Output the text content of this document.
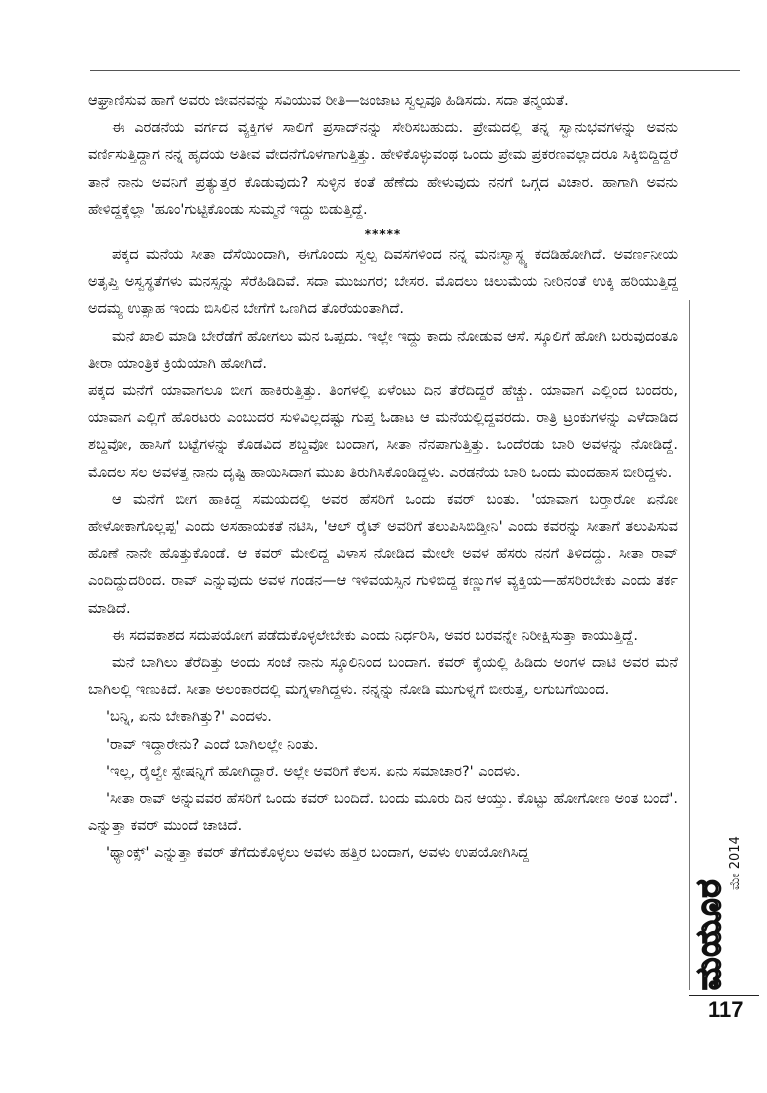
ಆಘ್ರಾಣಿಸುವ ಹಾಗೆ ಅವರು ಜೀವನವನ್ನು ಸವಿಯುವ ರೀತಿ—ಜಂಜಾಟ ಸ್ವಲ್ಪವೂ ಹಿಡಿಸದು. ಸದಾ ತನ್ಮಯತೆ.

ಈ ಎರಡನೆಯ ವರ್ಗದ ವ್ಯಕ್ತಿಗಳ ಸಾಲಿಗೆ ಪ್ರಸಾದ್‌ನನ್ನು ಸೇರಿಸಬಹುದು. ಪ್ರೇಮದಲ್ಲಿ ತನ್ನ ಸ್ವಾನುಭವಗಳನ್ನು ಅವನು ವರ್ಣಿಸುತ್ತಿದ್ದಾಗ ನನ್ನ ಹೃದಯ ಅತೀವ ವೇದನೆಗೊಳಗಾಗುತ್ತಿತ್ತು. ಹೇಳಿಕೊಳ್ಳುವಂಥ ಒಂದು ಪ್ರೇಮ ಪ್ರಕರಣವಲ್ಲಾದರೂ ಸಿಕ್ಕಿಬಿದ್ದಿದ್ದರೆ ತಾನೆ ನಾನು ಅವನಿಗೆ ಪ್ರತ್ಯುತ್ತರ ಕೊಡುವುದು? ಸುಳ್ಳಿನ ಕಂತೆ ಹೆಣೆದು ಹೇಳುವುದು ನನಗೆ ಒಗ್ಗದ ವಿಚಾರ. ಹಾಗಾಗಿ ಅವನು ಹೇಳಿದ್ದಕ್ಕೆಲ್ಲಾ 'ಹೂಂ'ಗುಟ್ಟಿಕೊಂಡು ಸುಮ್ಮನೆ ಇದ್ದು ಬಿಡುತ್ತಿದ್ದೆ.

*****

ಪಕ್ಕದ ಮನೆಯ ಸೀತಾ ದೆಸೆಯಿಂದಾಗಿ, ಈಗೊಂದು ಸ್ವಲ್ಪ ದಿವಸಗಳಿಂದ ನನ್ನ ಮನಃಸ್ವಾಸ್ಥ್ಯ ಕದಡಿಹೋಗಿದೆ. ಅವರ್ಣನೀಯ ಅತೃಪ್ತಿ ಅಸ್ವಸ್ಥತೆಗಳು ಮನಸ್ಸನ್ನು ಸೆರೆಹಿಡಿದಿವೆ. ಸದಾ ಮುಜುಗರ; ಬೇಸರ. ಮೊದಲು ಚಿಲುಮೆಯ ನೀರಿನಂತೆ ಉಕ್ಕಿ ಹರಿಯುತ್ತಿದ್ದ ಅದಮ್ಯ ಉತ್ಸಾಹ ಇಂದು ಬಿಸಿಲಿನ ಬೇಗೆಗೆ ಒಣಗಿದ ತೊರೆಯಂತಾಗಿದೆ.

ಮನೆ ಖಾಲಿ ಮಾಡಿ ಬೇರೆಡೆಗೆ ಹೋಗಲು ಮನ ಒಪ್ಪದು. ಇಲ್ಲೇ ಇದ್ದು ಕಾದು ನೋಡುವ ಆಸೆ. ಸ್ಕೂಲಿಗೆ ಹೋಗಿ ಬರುವುದಂತೂ ತೀರಾ ಯಾಂತ್ರಿಕ ಕ್ರಿಯೆಯಾಗಿ ಹೋಗಿದೆ.

ಪಕ್ಕದ ಮನೆಗೆ ಯಾವಾಗಲೂ ಬೀಗ ಹಾಕಿರುತ್ತಿತ್ತು. ತಿಂಗಳಲ್ಲಿ ಏಳೆಂಟು ದಿನ ತೆರೆದಿದ್ದರೆ ಹೆಚ್ಚು. ಯಾವಾಗ ಎಲ್ಲಿಂದ ಬಂದರು, ಯಾವಾಗ ಎಲ್ಲಿಗೆ ಹೊರಟರು ಎಂಬುದರ ಸುಳಿವಿಲ್ಲದಷ್ಟು ಗುಪ್ತ ಓಡಾಟ ಆ ಮನೆಯಲ್ಲಿದ್ದವರದು. ರಾತ್ರಿ ಟ್ರಂಕುಗಳನ್ನು ಎಳೆದಾಡಿದ ಶಬ್ದವೋ, ಹಾಸಿಗೆ ಬಟ್ಟೆಗಳನ್ನು ಕೊಡವಿದ ಶಬ್ದವೋ ಬಂದಾಗ, ಸೀತಾ ನೆನಪಾಗುತ್ತಿತ್ತು. ಒಂದೆರಡು ಬಾರಿ ಅವಳನ್ನು ನೋಡಿದ್ದೆ. ಮೊದಲ ಸಲ ಅವಳತ್ತ ನಾನು ದೃಷ್ಟಿ ಹಾಯಿಸಿದಾಗ ಮುಖ ತಿರುಗಿಸಿಕೊಂಡಿದ್ದಳು. ಎರಡನೆಯ ಬಾರಿ ಒಂದು ಮಂದಹಾಸ ಬೀರಿದ್ದಳು.

ಆ ಮನೆಗೆ ಬೀಗ ಹಾಕಿದ್ದ ಸಮಯದಲ್ಲಿ ಅವರ ಹೆಸರಿಗೆ ಒಂದು ಕವರ್ ಬಂತು. 'ಯಾವಾಗ ಬರ‍್ತಾರೋ ಏನೋ ಹೇಳೋಕಾಗೊಲ್ಲಪ್ಪ' ಎಂದು ಅಸಹಾಯಕತೆ ನಟಿಸಿ, 'ಆಲ್ ರೈಟ್ ಅವರಿಗೆ ತಲುಪಿಸಿಬಿಡ್ತೀನಿ' ಎಂದು ಕವರನ್ನು ಸೀತಾಗೆ ತಲುಪಿಸುವ ಹೊಣೆ ನಾನೇ ಹೊತ್ತುಕೊಂಡೆ. ಆ ಕವರ್ ಮೇಲಿದ್ದ ವಿಳಾಸ ನೋಡಿದ ಮೇಲೇ ಅವಳ ಹೆಸರು ನನಗೆ ತಿಳಿದದ್ದು. ಸೀತಾ ರಾವ್ ಎಂದಿದ್ದುದರಿಂದ. ರಾವ್ ಎನ್ನುವುದು ಅವಳ ಗಂಡನ—ಆ ಇಳಿವಯಸ್ಸಿನ ಗುಳಿಬಿದ್ದ ಕಣ್ಣುಗಳ ವ್ಯಕ್ತಿಯ—ಹೆಸರಿರಬೇಕು ಎಂದು ತರ್ಕ ಮಾಡಿದೆ.

ಈ ಸದವಕಾಶದ ಸದುಪಯೋಗ ಪಡೆದುಕೊಳ್ಳಲೇಬೇಕು ಎಂದು ನಿರ್ಧರಿಸಿ, ಅವರ ಬರವನ್ನೇ ನಿರೀಕ್ಷಿಸುತ್ತಾ ಕಾಯುತ್ತಿದ್ದೆ.

ಮನೆ ಬಾಗಿಲು ತೆರೆದಿತ್ತು ಅಂದು ಸಂಜೆ ನಾನು ಸ್ಕೂಲಿನಿಂದ ಬಂದಾಗ. ಕವರ್ ಕೈಯಲ್ಲಿ ಹಿಡಿದು ಅಂಗಳ ದಾಟಿ ಅವರ ಮನೆ ಬಾಗಿಲಲ್ಲಿ ಇಣುಕಿದೆ. ಸೀತಾ ಅಲಂಕಾರದಲ್ಲಿ ಮಗ್ನಳಾಗಿದ್ದಳು. ನನ್ನನ್ನು ನೋಡಿ ಮುಗುಳ್ನಗೆ ಬೀರುತ್ತ, ಲಗುಬಗೆಯಿಂದ.

'ಬನ್ನಿ, ಏನು ಬೇಕಾಗಿತ್ತು?' ಎಂದಳು.

'ರಾವ್ ಇದ್ದಾರೇನು? ಎಂದೆ ಬಾಗಿಲಲ್ಲೇ ನಿಂತು.

'ಇಲ್ಲ, ರೈಲ್ವೇ ಸ್ಟೇಷನ್ನಿಗೆ ಹೋಗಿದ್ದಾರೆ. ಅಲ್ಲೇ ಅವರಿಗೆ ಕೆಲಸ. ಏನು ಸಮಾಚಾರ?' ಎಂದಳು.

'ಸೀತಾ ರಾವ್ ಅನ್ನುವವರ ಹೆಸರಿಗೆ ಒಂದು ಕವರ್ ಬಂದಿದೆ. ಬಂದು ಮೂರು ದಿನ ಆಯ್ತು. ಕೊಟ್ಟು ಹೋಗೋಣ ಅಂತ ಬಂದೆ'. ಎನ್ನುತ್ತಾ ಕವರ್ ಮುಂದೆ ಚಾಚಿದೆ.

'ಥ್ಯಾಂಕ್ಸ್' ಎನ್ನುತ್ತಾ ಕವರ್ ತೆಗೆದುಕೊಳ್ಳಲು ಅವಳು ಹತ್ತಿರ ಬಂದಾಗ, ಅವಳು ಉಪಯೋಗಿಸಿದ್ದ

ಮಯೂರ
ಮೇ 2014
117
